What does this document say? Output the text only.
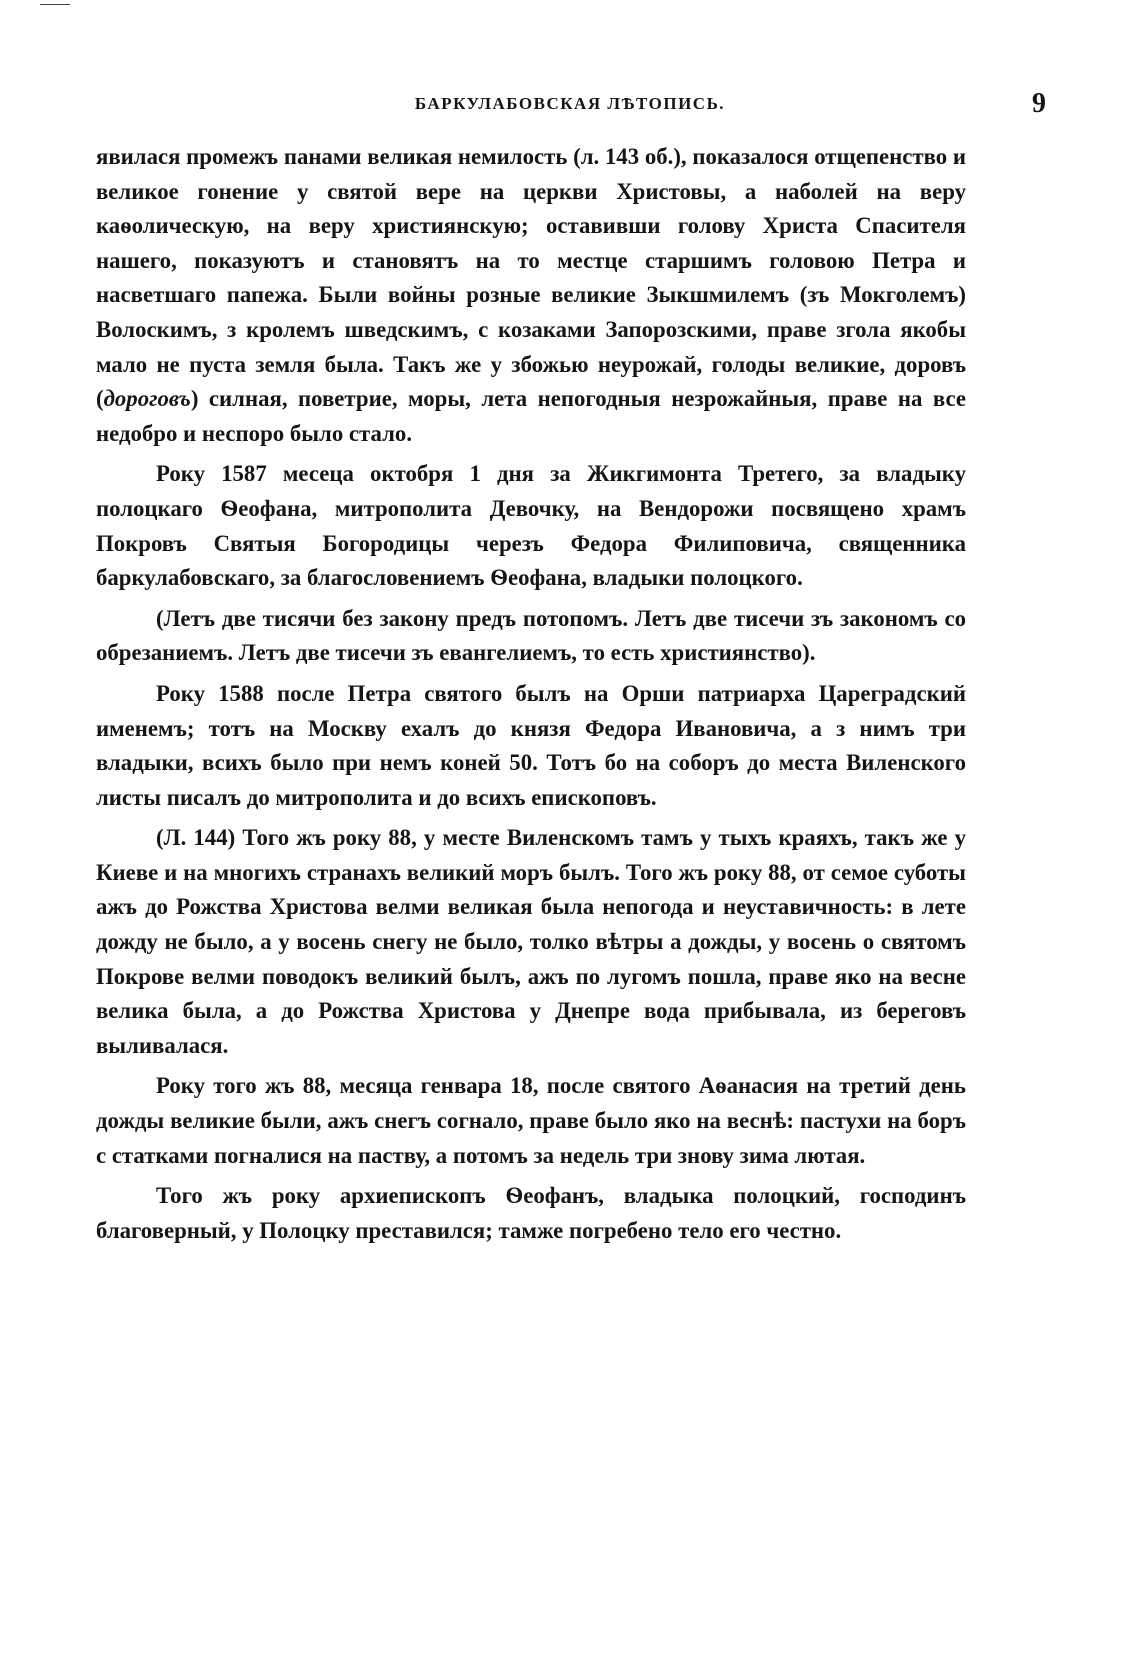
БАРКУЛАБОВСКАЯ ЛѢТОПИСЬ.	9

явилася промежъ панами великая немилость (л. 143 об.), показалося отщепенство и великое гонение у святой вере на церкви Христовы, а наболей на веру каѳолическую, на веру християнскую; оставивши голову Христа Спасителя нашего, показуютъ и становятъ на то местце старшимъ головою Петра и насветшаго папежа. Были войны розные великие Зыкшмилемъ (зъ Мокголемъ) Волоскимъ, з кролемъ шведскимъ, с козаками Запорозскими, праве згола якобы мало не пуста земля была. Такъ же у збожью неурожай, голоды великие, доровъ (дороговъ) силная, поветрие, моры, лета непогодныя незрожайныя, праве на все недобро и неспоро было стало.

Року 1587 месеца октобря 1 дня за Жикгимонта Третего, за владыку полоцкаго Ѳеофана, митрополита Девочку, на Вендорожи посвящено храмъ Покровъ Святыя Богородицы черезъ Федора Филиповича, священника баркулабовскаго, за благословениемъ Ѳеофана, владыки полоцкого.

(Летъ две тисячи без закону предъ потопомъ. Летъ две тисечи зъ закономъ со обрезаниемъ. Летъ две тисечи зъ евангелиемъ, то есть християнство).

Року 1588 после Петра святого былъ на Орши патриарха Цареградский именемъ; тотъ на Москву ехалъ до князя Федора Ивановича, а з нимъ три владыки, всихъ было при немъ коней 50. Тотъ бо на соборъ до места Виленского листы писалъ до митрополита и до всихъ епископовъ.

(Л. 144) Того жъ року 88, у месте Виленскомъ тамъ у тыхъ краяхъ, такъ же у Киеве и на многихъ странахъ великий моръ былъ. Того жъ року 88, от семое суботы ажъ до Рожства Христова велми великая была непогода и неуставичность: в лете дожду не было, а у восень снегу не было, толко вѣтры а дожды, у восень о святомъ Покрове велми поводокъ великий былъ, ажъ по лугомъ пошла, праве яко на весне велика была, а до Рожства Христова у Днепре вода прибывала, из береговъ выливалася.

Року того жъ 88, месяца генвара 18, после святого Аѳанасия на третий день дожды великие были, ажъ снегъ согнало, праве было яко на веснѣ: пастухи на боръ с статками погналися на паству, а потомъ за недель три знову зима лютая.

Того жъ року архиепископъ Ѳеофанъ, владыка полоцкий, господинъ благоверный, у Полоцку преставился; тамже погребено тело его честно.
